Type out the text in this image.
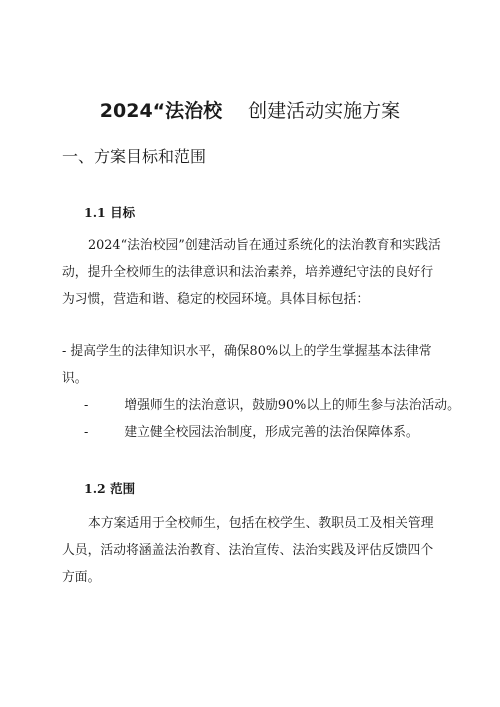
2024“法治校 创建活动实施方案
一、方案目标和范围
1.1 目标
2024“法治校园”创建活动旨在通过系统化的法治教育和实践活动，提升全校师生的法律意识和法治素养，培养遵纪守法的良好行为习惯，营造和谐、稳定的校园环境。具体目标包括：
- 提高学生的法律知识水平，确保80%以上的学生掌握基本法律常
识。
-	增强师生的法治意识，鼓励90%以上的师生参与法治活动。
-	建立健全校园法治制度，形成完善的法治保障体系。
1.2 范围
本方案适用于全校师生，包括在校学生、教职员工及相关管理人员，活动将涵盖法治教育、法治宣传、法治实践及评估反馈四个方面。
